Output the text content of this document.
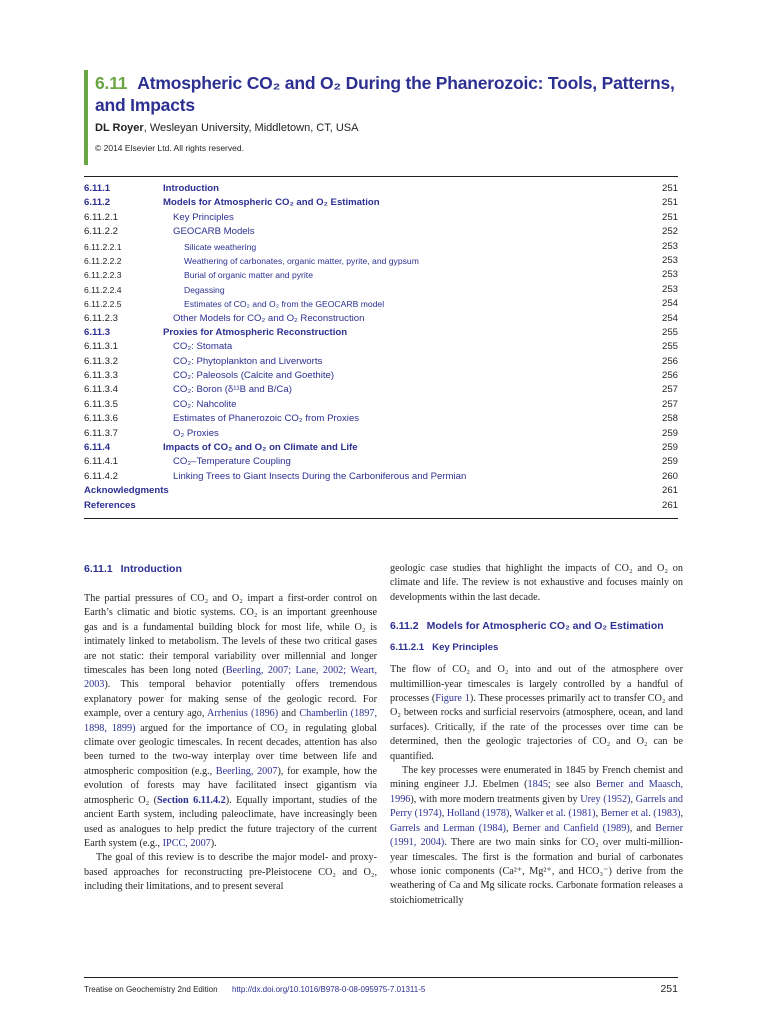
6.11 Atmospheric CO₂ and O₂ During the Phanerozoic: Tools, Patterns,
and Impacts
DL Royer, Wesleyan University, Middletown, CT, USA
© 2014 Elsevier Ltd. All rights reserved.
6.11.1	Introduction	251
6.11.2	Models for Atmospheric CO₂ and O₂ Estimation	251
6.11.2.1	Key Principles	251
6.11.2.2	GEOCARB Models	252
6.11.2.2.1	Silicate weathering	253
6.11.2.2.2	Weathering of carbonates, organic matter, pyrite, and gypsum	253
6.11.2.2.3	Burial of organic matter and pyrite	253
6.11.2.2.4	Degassing	253
6.11.2.2.5	Estimates of CO₂ and O₂ from the GEOCARB model	254
6.11.2.3	Other Models for CO₂ and O₂ Reconstruction	254
6.11.3	Proxies for Atmospheric Reconstruction	255
6.11.3.1	CO₂: Stomata	255
6.11.3.2	CO₂: Phytoplankton and Liverworts	256
6.11.3.3	CO₂: Paleosols (Calcite and Goethite)	256
6.11.3.4	CO₂: Boron (δ¹¹B and B/Ca)	257
6.11.3.5	CO₂: Nahcolite	257
6.11.3.6	Estimates of Phanerozoic CO₂ from Proxies	258
6.11.3.7	O₂ Proxies	259
6.11.4	Impacts of CO₂ and O₂ on Climate and Life	259
6.11.4.1	CO₂–Temperature Coupling	259
6.11.4.2	Linking Trees to Giant Insects During the Carboniferous and Permian	260
Acknowledgments	261
References	261

6.11.1 Introduction

The partial pressures of CO₂ and O₂ impart a first-order control on Earth’s climatic and biotic systems. CO₂ is an important greenhouse gas and is a fundamental building block for most life, while O₂ is intimately linked to metabolism. The levels of these two critical gases are not static: their temporal variability over millennial and longer timescales has been long noted (Beerling, 2007; Lane, 2002; Weart, 2003). This temporal behavior potentially offers tremendous explanatory power for making sense of the geologic record. For example, over a century ago, Arrhenius (1896) and Chamberlin (1897, 1898, 1899) argued for the importance of CO₂ in regulating global climate over geologic timescales. In recent decades, attention has also been turned to the two-way interplay over time between life and atmospheric composition (e.g., Beerling, 2007), for example, how the evolution of forests may have facilitated insect gigantism via atmospheric O₂ (Section 6.11.4.2). Equally important, studies of the ancient Earth system, including paleoclimate, have increasingly been used as analogues to help predict the future trajectory of the current Earth system (e.g., IPCC, 2007).

The goal of this review is to describe the major model- and proxy-based approaches for reconstructing pre-Pleistocene CO₂ and O₂, including their limitations, and to present several

geologic case studies that highlight the impacts of CO₂ and O₂ on climate and life. The review is not exhaustive and focuses mainly on developments within the last decade.

6.11.2 Models for Atmospheric CO₂ and O₂ Estimation

6.11.2.1 Key Principles

The flow of CO₂ and O₂ into and out of the atmosphere over multimillion-year timescales is largely controlled by a handful of processes (Figure 1). These processes primarily act to transfer CO₂ and O₂ between rocks and surficial reservoirs (atmosphere, ocean, and land surfaces). Critically, if the rate of the processes over time can be determined, then the geologic trajectories of CO₂ and O₂ can be quantified.

The key processes were enumerated in 1845 by French chemist and mining engineer J.J. Ebelmen (1845; see also Berner and Maasch, 1996), with more modern treatments given by Urey (1952), Garrels and Perry (1974), Holland (1978), Walker et al. (1981), Berner et al. (1983), Garrels and Lerman (1984), Berner and Canfield (1989), and Berner (1991, 2004). There are two main sinks for CO₂ over multi-million-year timescales. The first is the formation and burial of carbonates whose ionic components (Ca²⁺, Mg²⁺, and HCO₃⁻) derive from the weathering of Ca and Mg silicate rocks. Carbonate formation releases a stoichiometrically

Treatise on Geochemistry 2nd Edition http://dx.doi.org/10.1016/B978-0-08-095975-7.01311-5	251
